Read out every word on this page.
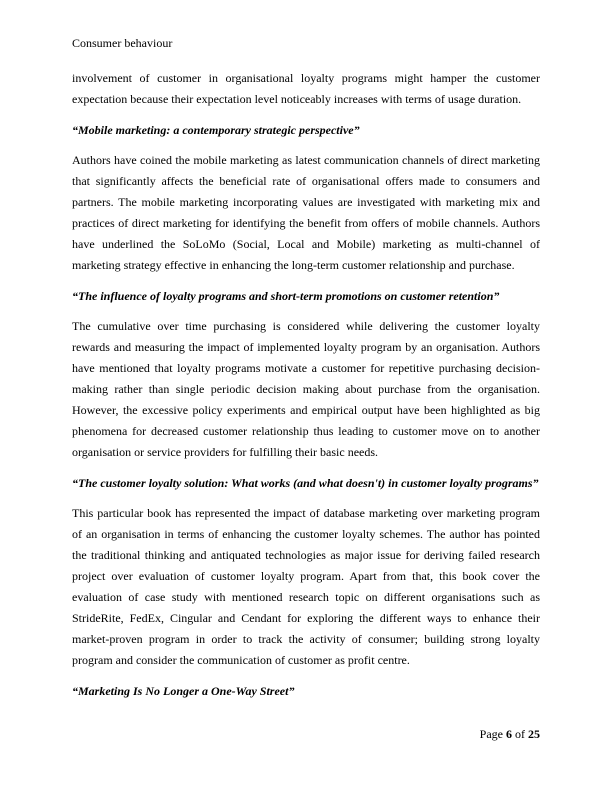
Consumer behaviour

involvement of customer in organisational loyalty programs might hamper the customer expectation because their expectation level noticeably increases with terms of usage duration.

“Mobile marketing: a contemporary strategic perspective”

Authors have coined the mobile marketing as latest communication channels of direct marketing that significantly affects the beneficial rate of organisational offers made to consumers and partners. The mobile marketing incorporating values are investigated with marketing mix and practices of direct marketing for identifying the benefit from offers of mobile channels. Authors have underlined the SoLoMo (Social, Local and Mobile) marketing as multi-channel of marketing strategy effective in enhancing the long-term customer relationship and purchase.

“The influence of loyalty programs and short-term promotions on customer retention”

The cumulative over time purchasing is considered while delivering the customer loyalty rewards and measuring the impact of implemented loyalty program by an organisation. Authors have mentioned that loyalty programs motivate a customer for repetitive purchasing decision-making rather than single periodic decision making about purchase from the organisation. However, the excessive policy experiments and empirical output have been highlighted as big phenomena for decreased customer relationship thus leading to customer move on to another organisation or service providers for fulfilling their basic needs.

“The customer loyalty solution: What works (and what doesn't) in customer loyalty programs”

This particular book has represented the impact of database marketing over marketing program of an organisation in terms of enhancing the customer loyalty schemes. The author has pointed the traditional thinking and antiquated technologies as major issue for deriving failed research project over evaluation of customer loyalty program. Apart from that, this book cover the evaluation of case study with mentioned research topic on different organisations such as StrideRite, FedEx, Cingular and Cendant for exploring the different ways to enhance their market-proven program in order to track the activity of consumer; building strong loyalty program and consider the communication of customer as profit centre.

“Marketing Is No Longer a One-Way Street”

Page 6 of 25
